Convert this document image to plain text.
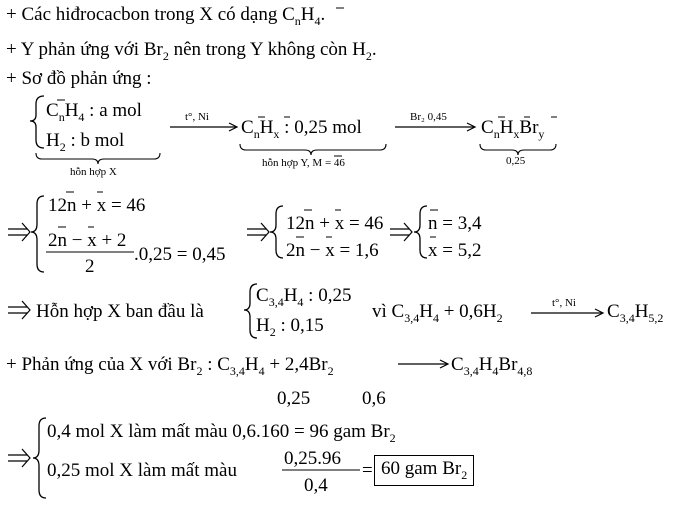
+ Các hiđrocacbon trong X có dạng $C_nH_4$.
+ Y phản ứng với $Br_2$ nên trong Y không còn $H_2$.
+ Sơ đồ phản ứng :
$C_nH_4$ : a mol
$H_2$ : b mol
hỗn hợp X
t°, Ni $C_nH_x$ : 0,25 mol
hỗn hợp Y, M = 46
Br₂ 0,45 $C_nH_xBr_y$
0,25
12n + x = 46
2n − x + 2
2
.0,25 = 0,45
12n + x = 46
2n − x = 1,6
n = 3,4
x = 5,2
Hỗn hợp X ban đầu là
$C_{3,4}H_4$ : 0,25
$H_2$ : 0,15
vì $C_{3,4}H_4 + 0,6H_2$
t°, Ni $C_{3,4}H_{5,2}$
+ Phản ứng của X với $Br_2$ : $C_{3,4}H_4 + 2,4Br_2$	$C_{3,4}H_4Br_{4,8}$
0,25	0,6
0,4 mol X làm mất màu 0,6.160 = 96 gam $Br_2$
0,25 mol X làm mất màu
0,25.96
0,4
= 60 gam $Br_2$
